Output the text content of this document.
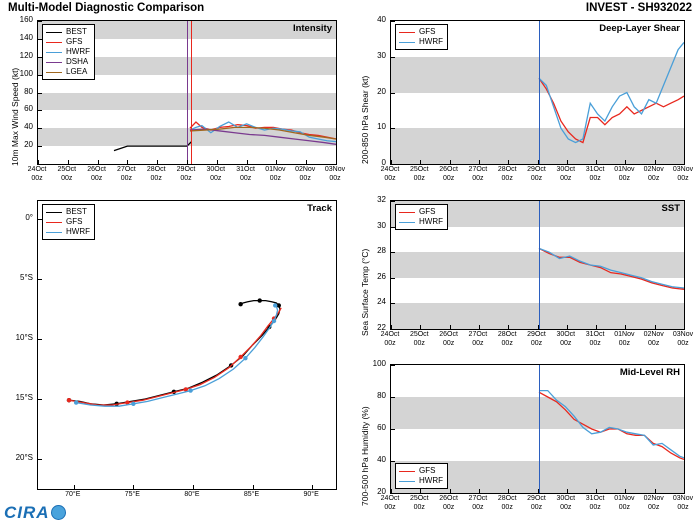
Multi-Model Diagnostic Comparison	INVEST - SH932022
10m Max Wind Speed (kt)
Intensity
BEST
GFS
HWRF
DSHA
LGEA
20
40
60
80
100
120
140
160
24Oct
00z
25Oct
00z
26Oct
00z
27Oct
00z
28Oct
00z
29Oct
00z
30Oct
00z
31Oct
00z
01Nov
00z
02Nov
00z
03Nov
00z
Track
BEST
GFS
HWRF
0°
5°S
10°S
15°S
20°S
70°E	75°E	80°E	85°E	90°E
200-850 hPa Shear (kt)
Deep-Layer Shear
GFS
HWRF
0
10
20
30
40
24Oct
00z
25Oct
00z
26Oct
00z
27Oct
00z
28Oct
00z
29Oct
00z
30Oct
00z
31Oct
00z
01Nov
00z
02Nov
00z
03Nov
00z
Sea Surface Temp (°C)
SST
GFS
HWRF
22
24
26
28
30
32
24Oct
00z
25Oct
00z
26Oct
00z
27Oct
00z
28Oct
00z
29Oct
00z
30Oct
00z
31Oct
00z
01Nov
00z
02Nov
00z
03Nov
00z
700-500 hPa Humidity (%)
Mid-Level RH
GFS
HWRF
20
40
60
80
100
24Oct
00z
25Oct
00z
26Oct
00z
27Oct
00z
28Oct
00z
29Oct
00z
30Oct
00z
31Oct
00z
01Nov
00z
02Nov
00z
03Nov
00z
CIRA
